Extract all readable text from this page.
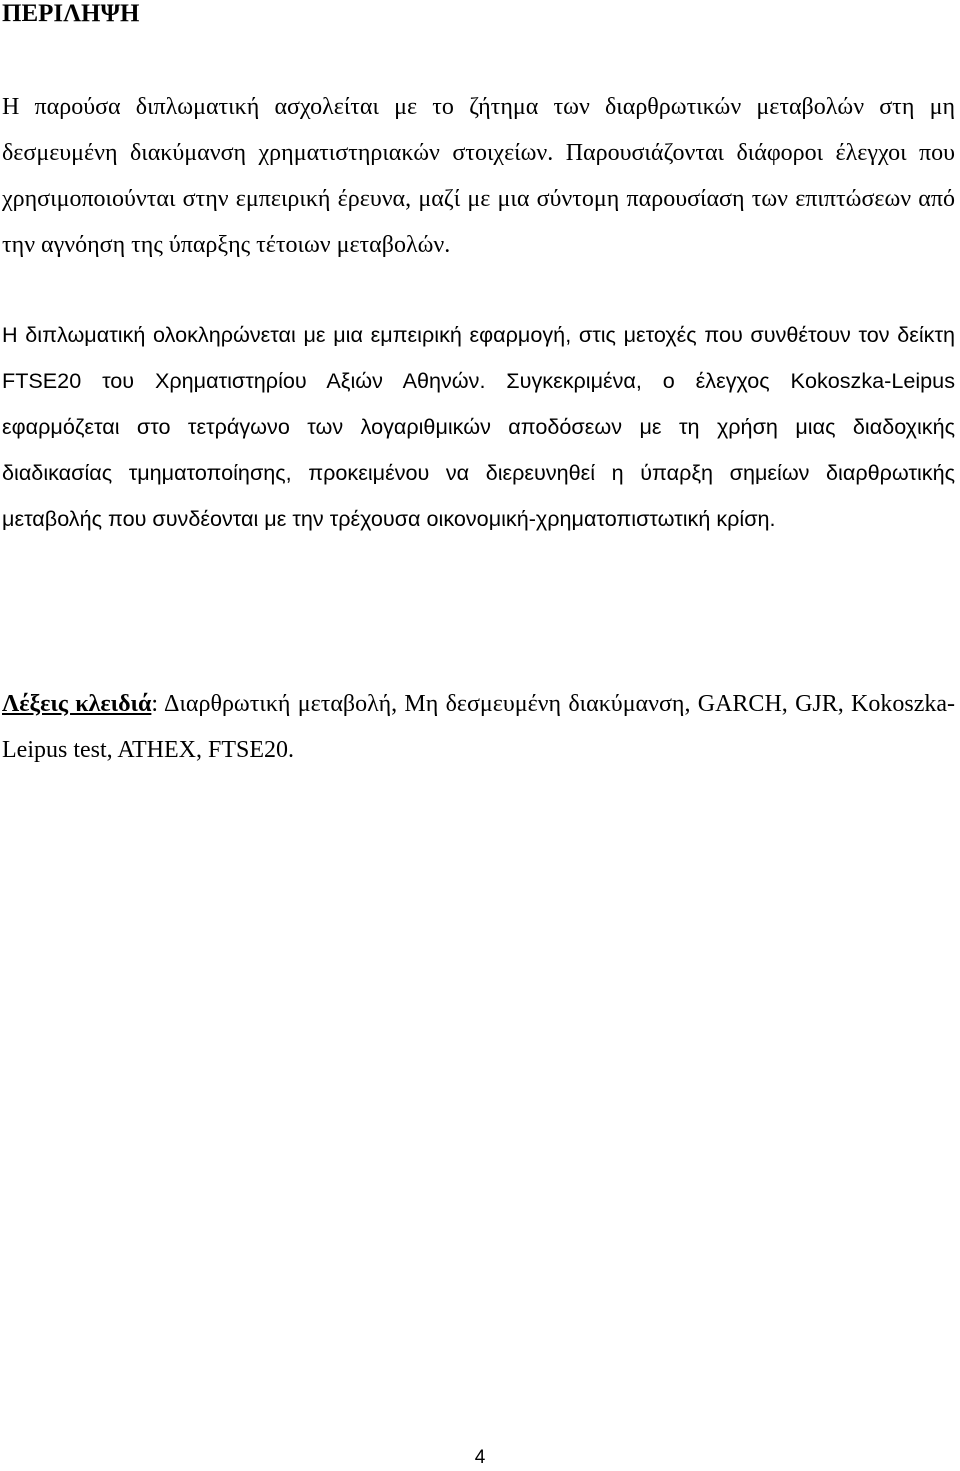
ΠΕΡΙΛΗΨΗ

Η παρούσα διπλωματική ασχολείται με το ζήτημα των διαρθρωτικών μεταβολών στη μη δεσμευμένη διακύμανση χρηματιστηριακών στοιχείων. Παρουσιάζονται διάφοροι έλεγχοι που χρησιμοποιούνται στην εμπειρική έρευνα, μαζί με μια σύντομη παρουσίαση των επιπτώσεων από την αγνόηση της ύπαρξης τέτοιων μεταβολών.

Η διπλωματική ολοκληρώνεται με μια εμπειρική εφαρμογή, στις μετοχές που συνθέτουν τον δείκτη FTSE20 του Χρηματιστηρίου Αξιών Αθηνών. Συγκεκριμένα, ο έλεγχος Kokoszka-Leipus εφαρμόζεται στο τετράγωνο των λογαριθμικών αποδόσεων με τη χρήση μιας διαδοχικής διαδικασίας τμηματοποίησης, προκειμένου να διερευνηθεί η ύπαρξη σημείων διαρθρωτικής μεταβολής που συνδέονται με την τρέχουσα οικονομική-χρηματοπιστωτική κρίση.

Λέξεις κλειδιά: Διαρθρωτική μεταβολή, Μη δεσμευμένη διακύμανση, GARCH, GJR, Kokoszka-Leipus test, ATHEX, FTSE20.

4
